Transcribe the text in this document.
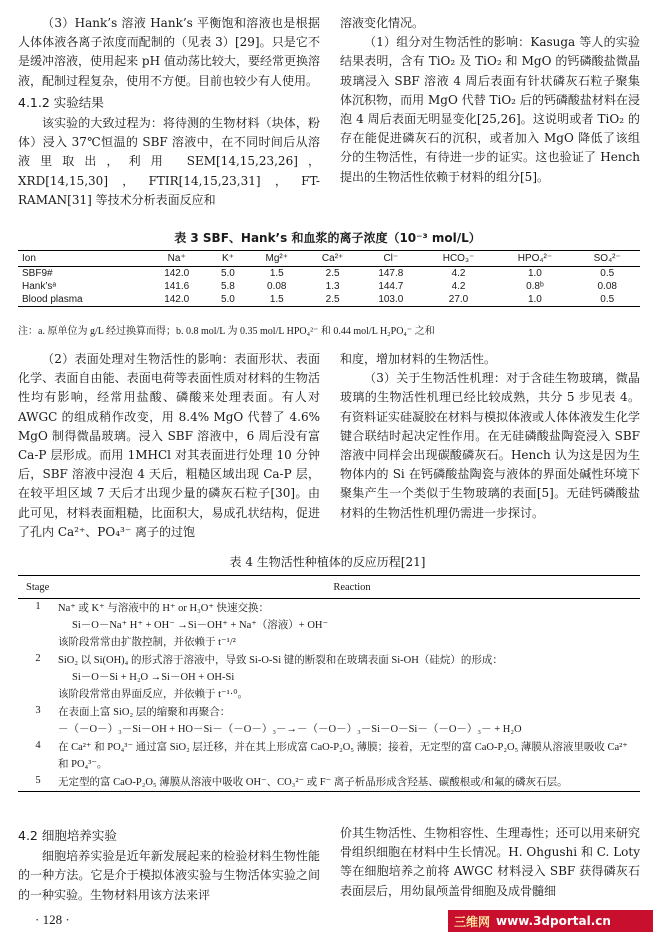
（3）Hank’s 溶液 Hank’s 平衡饱和溶液也是根据人体体液各离子浓度而配制的（见表 3）[29]。只是它不是缓冲溶液，使用起来 pH 值动荡比较大，要经常更换溶液，配制过程复杂，使用不方便。目前也较少有人使用。

4.1.2 实验结果

该实验的大致过程为：将待测的生物材料（块体，粉体）浸入 37℃恒温的 SBF 溶液中，在不同时间后从溶液里取出，利用 SEM[14,15,23,26]，XRD[14,15,30]，FTIR[14,15,23,31]，FT-RAMAN[31] 等技术分析表面反应和

溶液变化情况。

（1）组分对生物活性的影响：Kasuga 等人的实验结果表明，含有 TiO₂ 及 TiO₂ 和 MgO 的钙磷酸盐微晶玻璃浸入 SBF 溶液 4 周后表面有针状磷灰石粒子聚集体沉积物，而用 MgO 代替 TiO₂ 后的钙磷酸盐材料在浸泡 4 周后表面无明显变化[25,26]。这说明或者 TiO₂ 的存在能促进磷灰石的沉积，或者加入 MgO 降低了该组分的生物活性，有待进一步的证实。这也验证了 Hench 提出的生物活性依赖于材料的组分[5]。

表 3 SBF、Hank’s 和血浆的离子浓度（10⁻³ mol/L）
Ion	Na⁺	K⁺	Mg²⁺	Ca²⁺	Cl⁻	HCO₃⁻	HPO₄²⁻	SO₄²⁻
SBF9#	142.0	5.0	1.5	2.5	147.8	4.2	1.0	0.5
Hank’sᵃ	141.6	5.8	0.08	1.3	144.7	4.2	0.8ᵇ	0.08
Blood plasma	142.0	5.0	1.5	2.5	103.0	27.0	1.0	0.5
注：a. 原单位为 g/L 经过换算而得；b. 0.8 mol/L 为 0.35 mol/L HPO₄²⁻ 和 0.44 mol/L H₂PO₄⁻ 之和

（2）表面处理对生物活性的影响：表面形状、表面化学、表面自由能、表面电荷等表面性质对材料的生物活性均有影响，经常用盐酸、磷酸来处理表面。有人对 AWGC 的组成稍作改变，用 8.4% MgO 代替了 4.6% MgO 制得微晶玻璃。浸入 SBF 溶液中，6 周后没有富 Ca-P 层形成。而用 1MHCl 对其表面进行处理 10 分钟后，SBF 溶液中浸泡 4 天后，粗糙区域出现 Ca-P 层，在较平坦区域 7 天后才出现少量的磷灰石粒子[30]。由此可见，材料表面粗糙，比面积大，易成孔状结构，促进了孔内 Ca²⁺、PO₄³⁻ 离子的过饱

和度，增加材料的生物活性。

（3）关于生物活性机理：对于含硅生物玻璃，微晶玻璃的生物活性机理已经比较成熟，共分 5 步见表 4。有资料证实硅凝胶在材料与模拟体液或人体体液发生化学键合联结时起决定性作用。在无硅磷酸盐陶瓷浸入 SBF 溶液中同样会出现碳酸磷灰石。Hench 认为这是因为生物体内的 Si 在钙磷酸盐陶瓷与液体的界面处碱性环境下聚集产生一个类似于生物玻璃的表面[5]。无硅钙磷酸盐材料的生物活性机理仍需进一步探讨。

表 4 生物活性种植体的反应历程[21]
Stage	Reaction
1	Na⁺ 或 K⁺ 与溶液中的 H⁺ or H₃O⁺ 快速交换：
Si－O－Na⁺ H⁺ + OH⁻ →Si－OH⁺ + Na⁺（溶液）+ OH⁻
该阶段常常由扩散控制，并依赖于 t⁻¹/²
2	SiO₂ 以 Si(OH)₄ 的形式溶于溶液中，导致 Si-O-Si 键的断裂和在玻璃表面 Si-OH（硅烷）的形成：
Si－O－Si + H₂O →Si－OH + OH-Si
该阶段常常由界面反应，并依赖于 t⁻¹·⁰。
3	在表面上富 SiO₂ 层的缩聚和再聚合：
－（－O－）₃－Si－OH + HO－Si－（－O－）₃－→－（－O－）₃－Si－O－Si－（－O－）₃－ + H₂O
4	在 Ca²⁺ 和 PO₄³⁻ 通过富 SiO₂ 层迁移，并在其上形成富 CaO-P₂O₅ 薄膜；接着，无定型的富 CaO-P₂O₅ 薄膜从溶液里吸收 Ca²⁺ 和 PO₄³⁻。
5	无定型的富 CaO-P₂O₅ 薄膜从溶液中吸收 OH⁻、CO₃²⁻ 或 F⁻ 离子析晶形成含羟基、碳酸根或/和氟的磷灰石层。
4.2 细胞培养实验

细胞培养实验是近年新发展起来的检验材料生物性能的一种方法。它是介于模拟体液实验与生物活体实验之间的一种实验。生物材料用该方法来评

价其生物活性、生物相容性、生理毒性；还可以用来研究骨组织细胞在材料中生长情况。H. Ohgushi 和 C. Loty 等在细胞培养之前将 AWGC 材料浸入 SBF 获得磷灰石表面层后，用幼鼠颅盖骨细胞及成骨髓细

· 128 ·	三维网 www.3dportal.cn
